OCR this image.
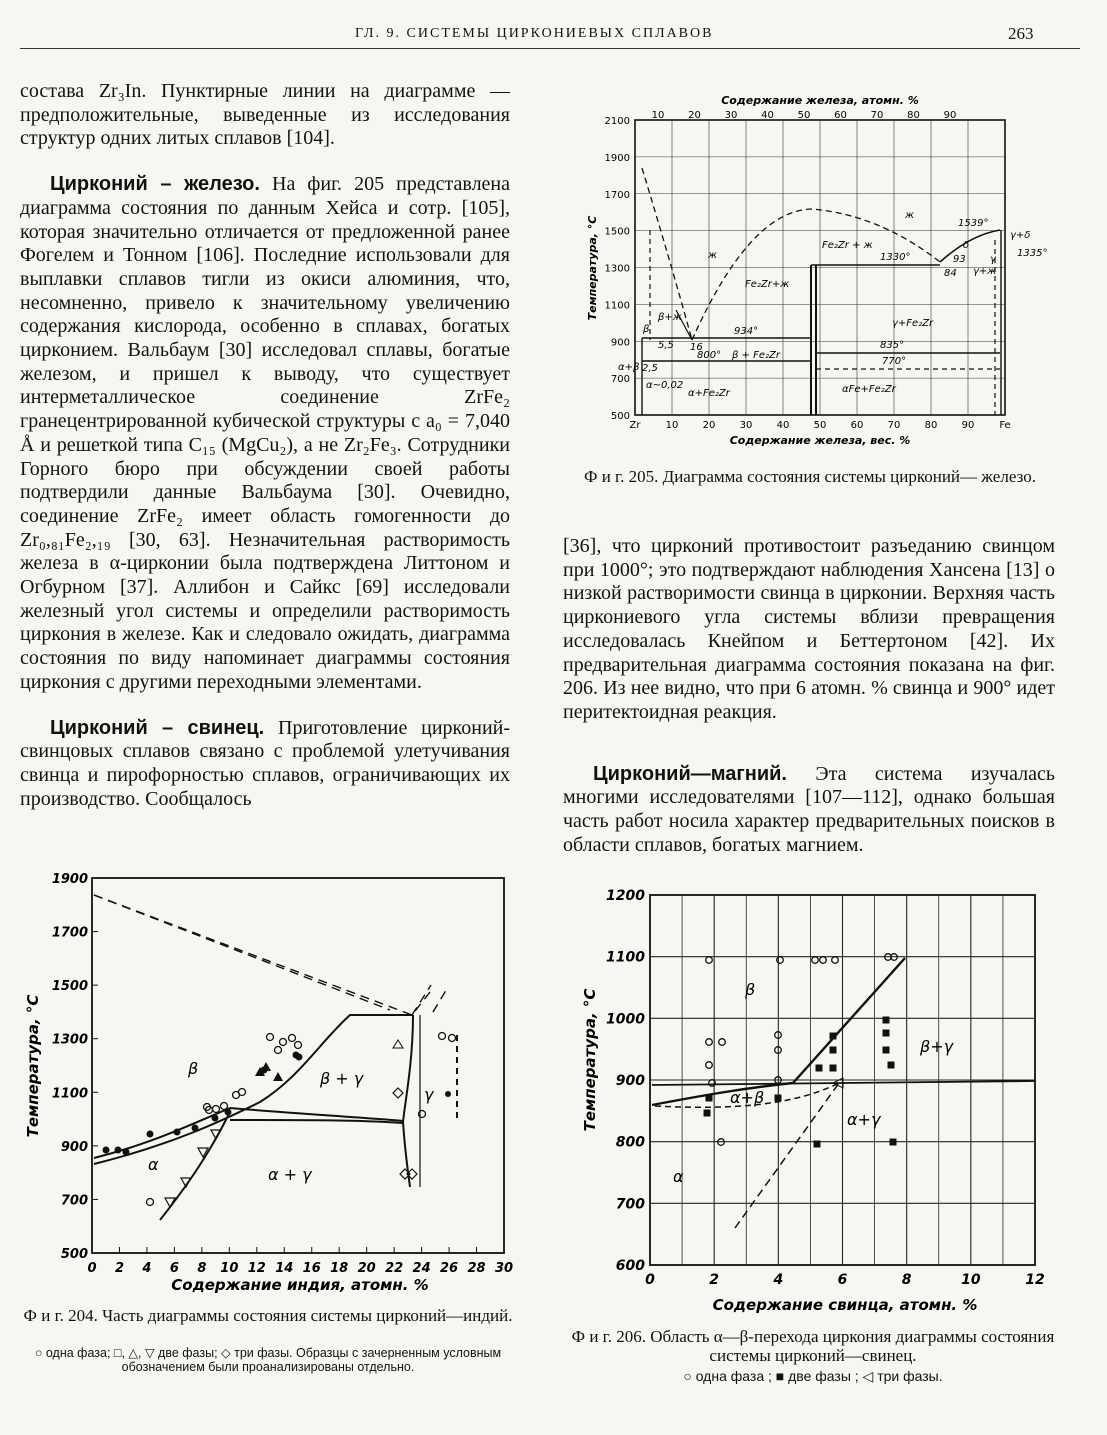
ГЛ. 9. СИСТЕМЫ ЦИРКОНИЕВЫХ СПЛАВОВ	263

состава Zr₃In. Пунктирные линии на диаграмме — предположительные, выведенные из исследования структур одних литых сплавов [104].

Цирконий – железо. На фиг. 205 представлена диаграмма состояния по данным Хейса и сотр. [105], которая значительно отличается от предложенной ранее Фогелем и Тонном [106]. Последние использовали для выплавки сплавов тигли из окиси алюминия, что, несомненно, привело к значительному увеличению содержания кислорода, особенно в сплавах, богатых цирконием. Вальбаум [30] исследовал сплавы, богатые железом, и пришел к выводу, что существует интерметаллическое соединение ZrFe₂ гранецентрированной кубической структуры с a₀ = 7,040 Å и решеткой типа C₁₅ (MgCu₂), а не Zr₂Fe₃. Сотрудники Горного бюро при обсуждении своей работы подтвердили данные Вальбаума [30]. Очевидно, соединение ZrFe₂ имеет область гомогенности до Zr₀,₈₁Fe₂,₁₉ [30, 63]. Незначительная растворимость железа в α-цирконии была подтверждена Литтоном и Огбурном [37]. Аллибон и Сайкс [69] исследовали железный угол системы и определили растворимость циркония в железе. Как и следовало ожидать, диаграмма состояния по виду напоминает диаграммы состояния циркония с другими переходными элементами.

Цирконий – свинец. Приготовление цирконий-свинцовых сплавов связано с проблемой улетучивания свинца и пирофорностью сплавов, ограничивающих их производство. Сообщалось

[36], что цирконий противостоит разъеданию свинцом при 1000°; это подтверждают наблюдения Хансена [13] о низкой растворимости свинца в цирконии. Верхняя часть циркониевого угла системы вблизи превращения исследовалась Кнейпом и Беттертоном [42]. Их предварительная диаграмма состояния показана на фиг. 206. Из нее видно, что при 6 атомн. % свинца и 900° идет перитектоидная реакция.

Цирконий—магний. Эта система изучалась многими исследователями [107—112], однако большая часть работ носила характер предварительных поисков в области сплавов, богатых магнием.

Содержание железа, атомн. %
Содержание железа, вес. %
Температура, °C
2100
1900
1700
1500
1300
1100
900
700
500
10 20 30 40 50 60 70 80 90
Zr	10 20 30 40 50 60 70 80 90 Fe
ж
ж
Fe₂Zr + ж
Fe₂Zr+ж
γ+Fe₂Zr
β+ж
β
β + Fe₂Zr
α+Fe₂Zr	αFe+Fe₂Zr
α~0,02
α+β
1539°
1330°
934°
800°
835°
770°
16
5,5
2,5
84
93
δ
γ+ж
γ
γ+δ
1335°
Ф и г. 205. Диаграмма состояния системы цирконий— железо.
1900
1700
1500
1300
1100
900
700
500
0 2 4 6 8 10 12 14 16 18 20 22 24 26 28 30
Температура, °C
Содержание индия, атомн. %
β
β + γ
γ
α
α + γ
Ф и г. 204. Часть диаграммы состояния системы цирконий—индий.
○ одна фаза; □, △, ▽ две фазы; ◇ три фазы. Образцы с зачерненным условным обозначением были проанализированы отдельно.
1200
1100
1000
900
800
700
600
0	2	4	6	8	10	12
Температура, °C
Содержание свинца, атомн. %
β
β+γ
α+β
α+γ
α
Ф и г. 206. Область α—β-перехода циркония диаграммы состояния системы цирконий—свинец.
○ одна фаза ; ■ две фазы ; ◁ три фазы.
